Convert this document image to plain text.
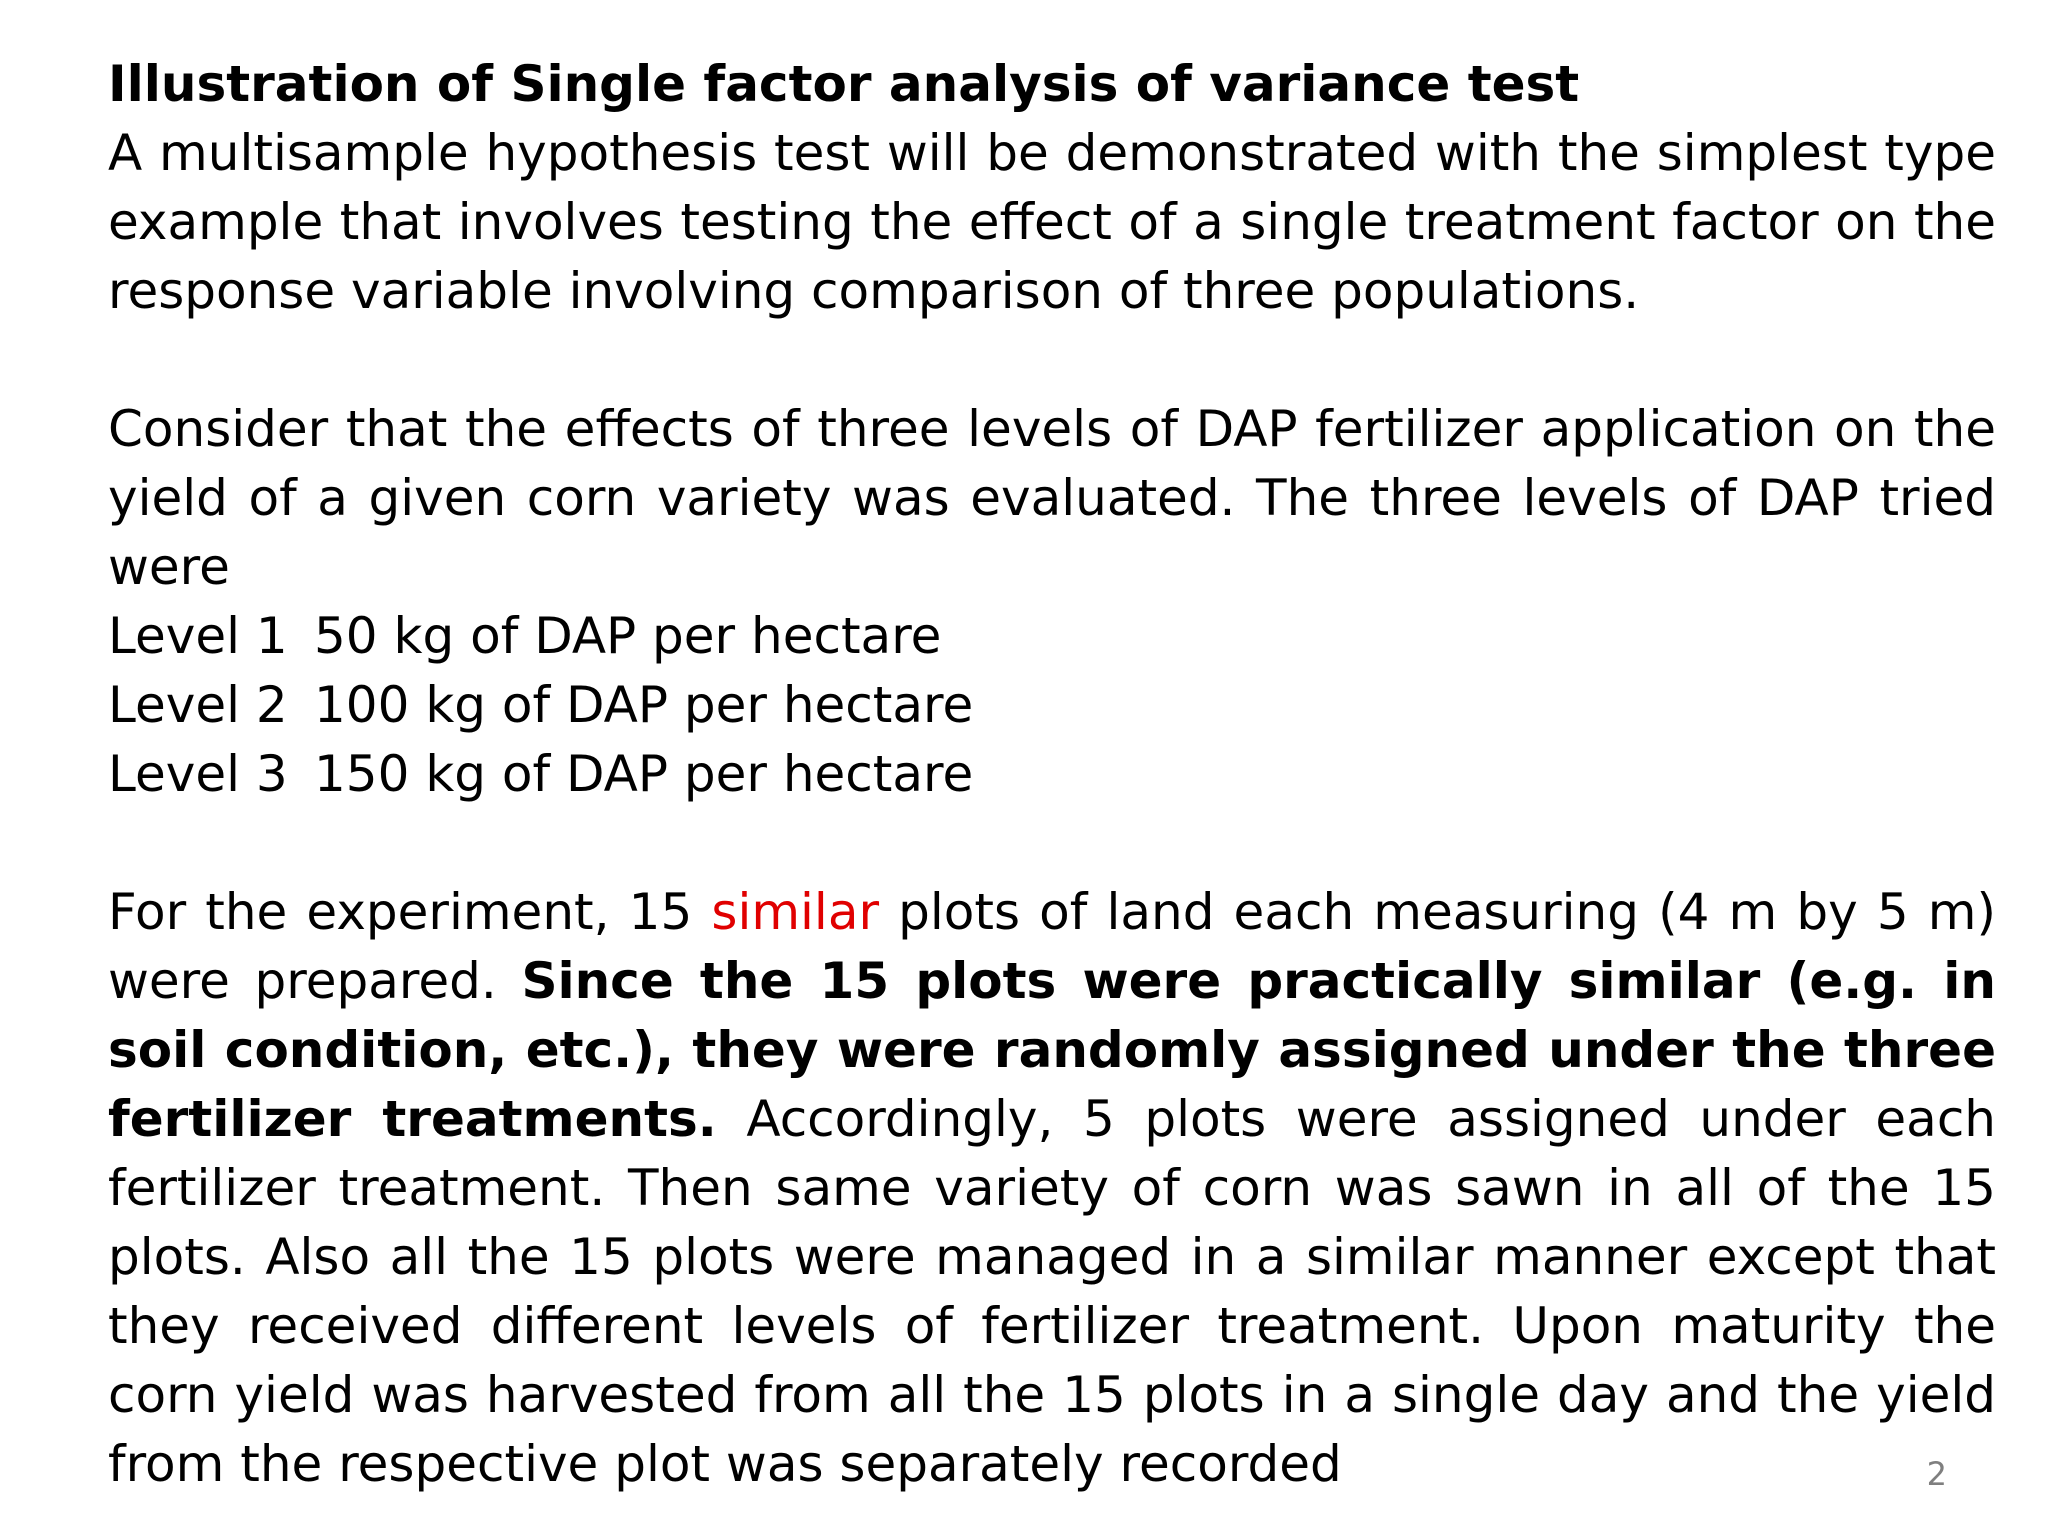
Illustration of Single factor analysis of variance test

A multisample hypothesis test will be demonstrated with the simplest type example that involves testing the effect of a single treatment factor on the response variable involving comparison of three populations.

Consider that the effects of three levels of DAP fertilizer application on the yield of a given corn variety was evaluated. The three levels of DAP tried were

Level 1 50 kg of DAP per hectare
Level 2 100 kg of DAP per hectare
Level 3 150 kg of DAP per hectare

For the experiment, 15 similar plots of land each measuring (4 m by 5 m) were prepared. Since the 15 plots were practically similar (e.g. in soil condition, etc.), they were randomly assigned under the three fertilizer treatments. Accordingly, 5 plots were assigned under each fertilizer treatment. Then same variety of corn was sawn in all of the 15 plots. Also all the 15 plots were managed in a similar manner except that they received different levels of fertilizer treatment. Upon maturity the corn yield was harvested from all the 15 plots in a single day and the yield from the respective plot was separately recorded	2
